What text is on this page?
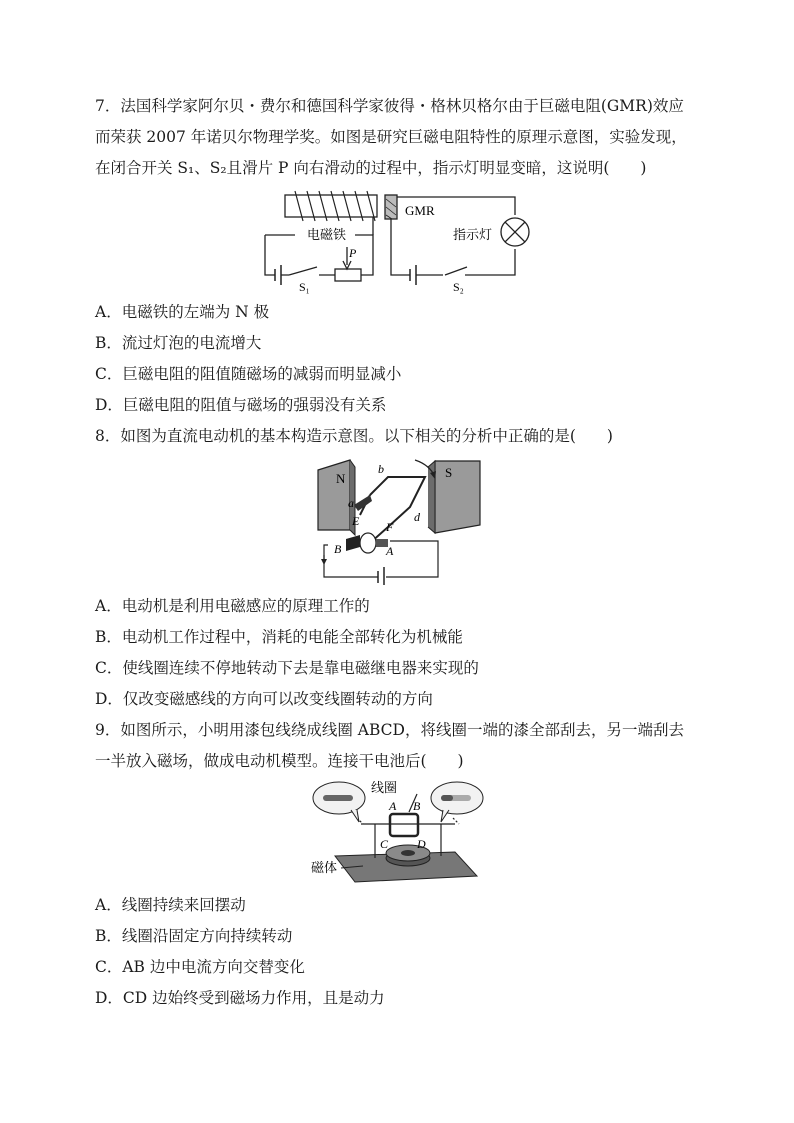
7．法国科学家阿尔贝・费尔和德国科学家彼得・格林贝格尔由于巨磁电阻(GMR)效应
而荣获 2007 年诺贝尔物理学奖。如图是研究巨磁电阻特性的原理示意图，实验发现，
在闭合开关 S₁、S₂且滑片 P 向右滑动的过程中，指示灯明显变暗，这说明(　　)
GMR
电磁铁	指示灯
P
S₁	S₂
A．电磁铁的左端为 N 极
B．流过灯泡的电流增大
C．巨磁电阻的阻值随磁场的减弱而明显减小
D．巨磁电阻的阻值与磁场的强弱没有关系
8．如图为直流电动机的基本构造示意图。以下相关的分析中正确的是(　　)
N	S
a
b
d
E F
B	A
A．电动机是利用电磁感应的原理工作的
B．电动机工作过程中，消耗的电能全部转化为机械能
C．使线圈连续不停地转动下去是靠电磁继电器来实现的
D．仅改变磁感线的方向可以改变线圈转动的方向
9．如图所示，小明用漆包线绕成线圈 ABCD，将线圈一端的漆全部刮去，另一端刮去
一半放入磁场，做成电动机模型。连接干电池后(　　)
线圈
A B
C D
磁体
A．线圈持续来回摆动
B．线圈沿固定方向持续转动
C．AB 边中电流方向交替变化
D．CD 边始终受到磁场力作用，且是动力
